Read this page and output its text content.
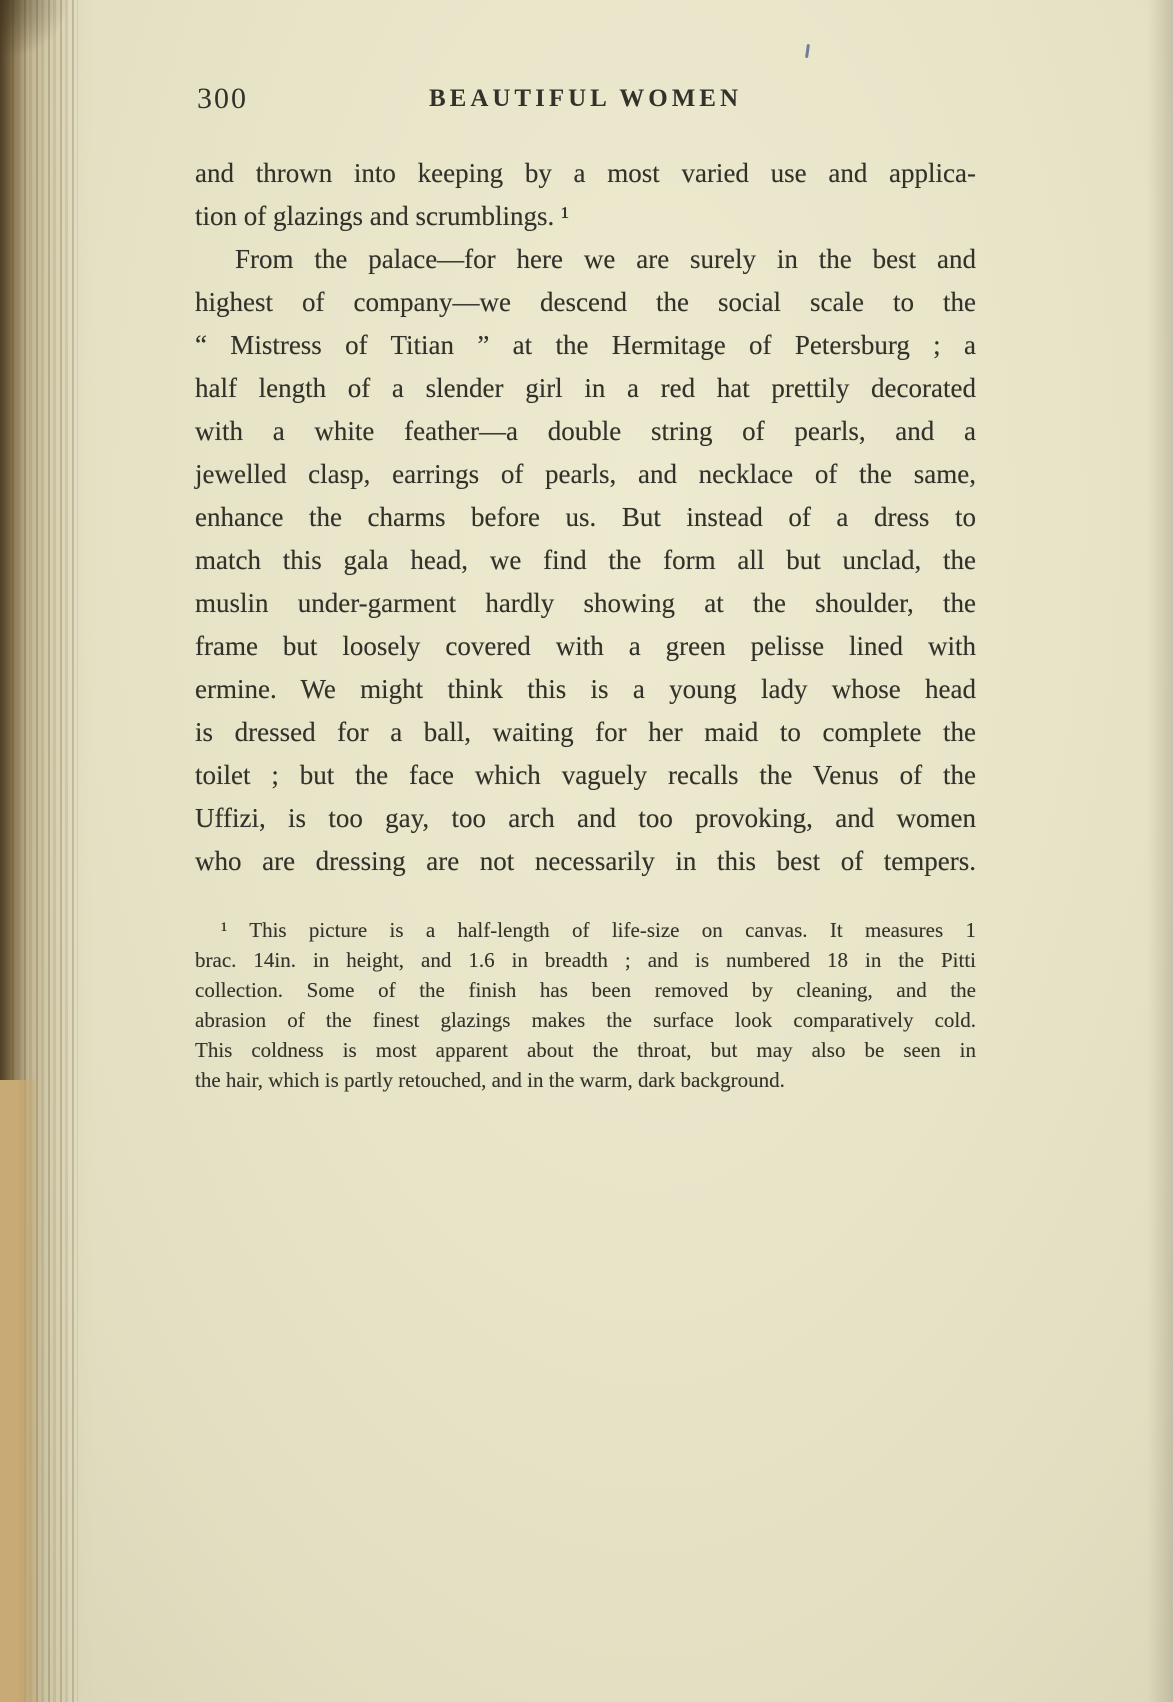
300	BEAUTIFUL WOMEN
and thrown into keeping by a most varied use and applica-
tion of glazings and scrumblings. ¹
From the palace—for here we are surely in the best and
highest of company—we descend the social scale to the
“ Mistress of Titian ” at the Hermitage of Petersburg ; a
half length of a slender girl in a red hat prettily decorated
with a white feather—a double string of pearls, and a
jewelled clasp, earrings of pearls, and necklace of the same,
enhance the charms before us. But instead of a dress to
match this gala head, we find the form all but unclad, the
muslin under-garment hardly showing at the shoulder, the
frame but loosely covered with a green pelisse lined with
ermine. We might think this is a young lady whose head
is dressed for a ball, waiting for her maid to complete the
toilet ; but the face which vaguely recalls the Venus of the
Uffizi, is too gay, too arch and too provoking, and women
who are dressing are not necessarily in this best of tempers.
¹ This picture is a half-length of life-size on canvas. It measures 1
brac. 14in. in height, and 1.6 in breadth ; and is numbered 18 in the Pitti
collection. Some of the finish has been removed by cleaning, and the
abrasion of the finest glazings makes the surface look comparatively cold.
This coldness is most apparent about the throat, but may also be seen in
the hair, which is partly retouched, and in the warm, dark background.
